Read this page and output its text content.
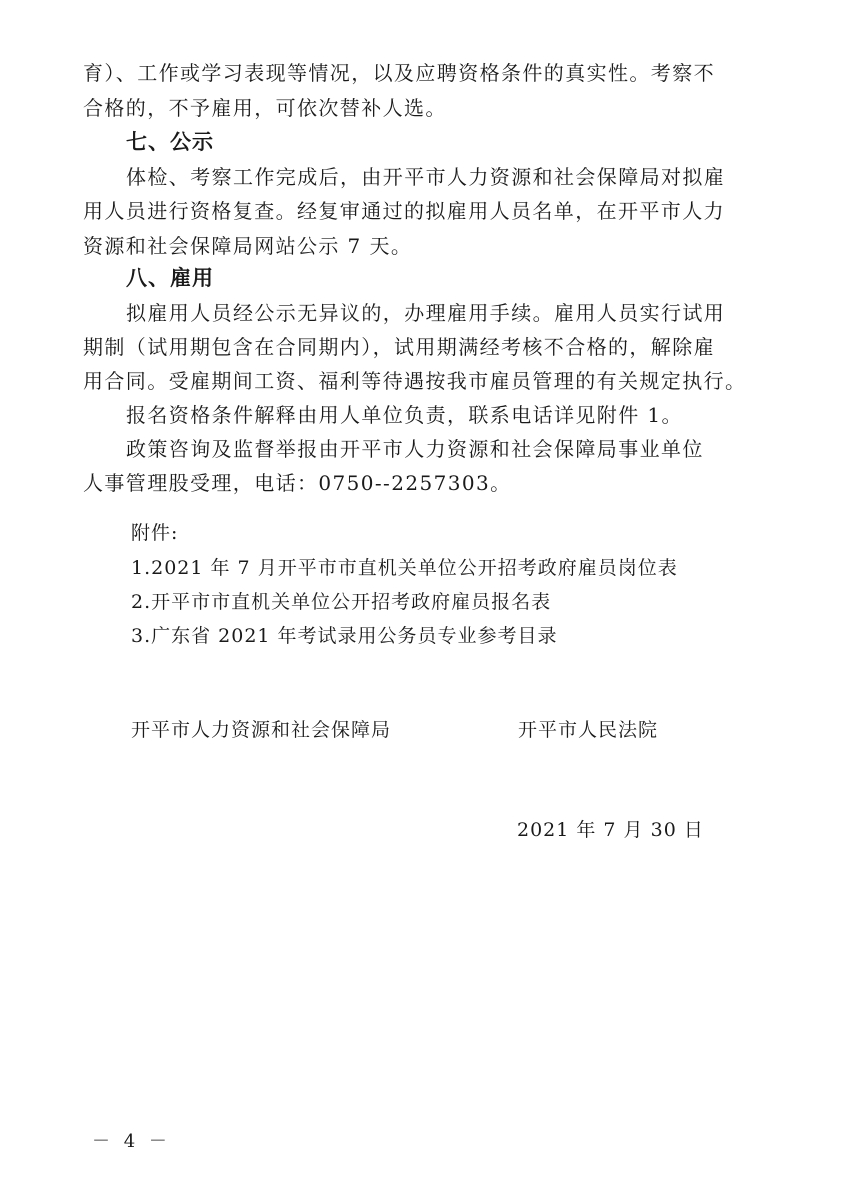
育）、工作或学习表现等情况，以及应聘资格条件的真实性。考察不
合格的，不予雇用，可依次替补人选。
七、公示
体检、考察工作完成后，由开平市人力资源和社会保障局对拟雇
用人员进行资格复查。经复审通过的拟雇用人员名单，在开平市人力
资源和社会保障局网站公示 7 天。
八、雇用
拟雇用人员经公示无异议的，办理雇用手续。雇用人员实行试用
期制（试用期包含在合同期内），试用期满经考核不合格的，解除雇
用合同。受雇期间工资、福利等待遇按我市雇员管理的有关规定执行。
报名资格条件解释由用人单位负责，联系电话详见附件 1。
政策咨询及监督举报由开平市人力资源和社会保障局事业单位
人事管理股受理，电话：0750--2257303。
附件:
1.2021 年 7 月开平市市直机关单位公开招考政府雇员岗位表
2.开平市市直机关单位公开招考政府雇员报名表
3.广东省 2021 年考试录用公务员专业参考目录
开平市人力资源和社会保障局	开平市人民法院
2021 年 7 月 30 日
－ 4 －
